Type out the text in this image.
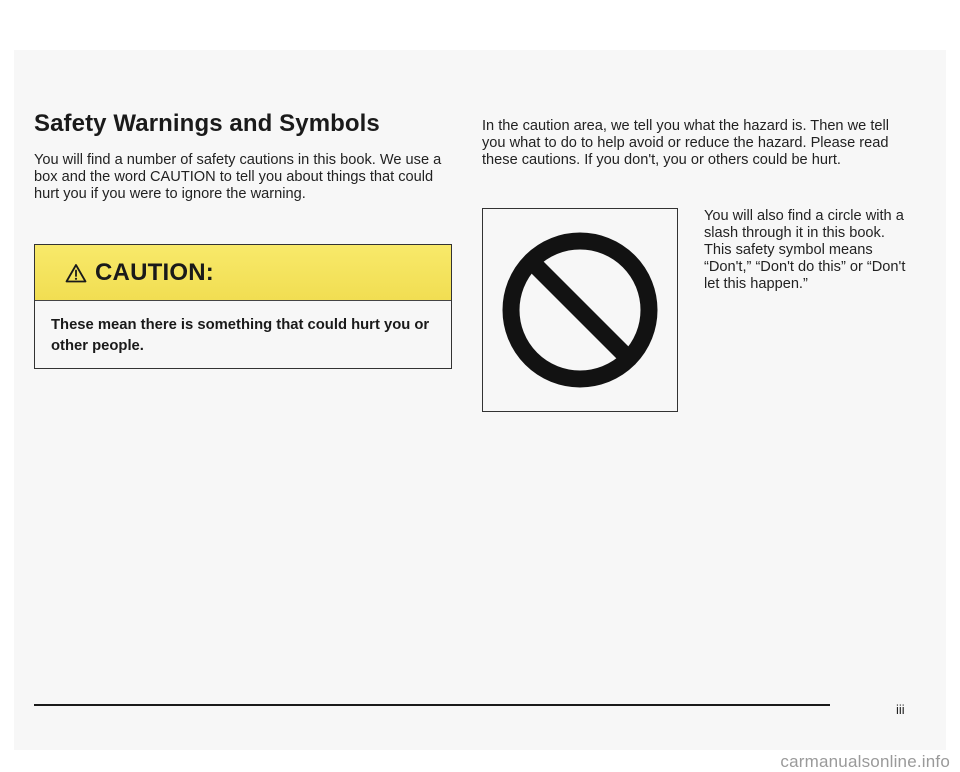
Safety Warnings and Symbols

You will find a number of safety cautions in this book. We use a box and the word CAUTION to tell you about things that could hurt you if you were to ignore the warning.

CAUTION:

These mean there is something that could hurt you or other people.

In the caution area, we tell you what the hazard is. Then we tell you what to do to help avoid or reduce the hazard. Please read these cautions. If you don't, you or others could be hurt.

You will also find a circle with a slash through it in this book. This safety symbol means “Don't,” “Don't do this” or “Don't let this happen.”

iii
carmanualsonline.info
